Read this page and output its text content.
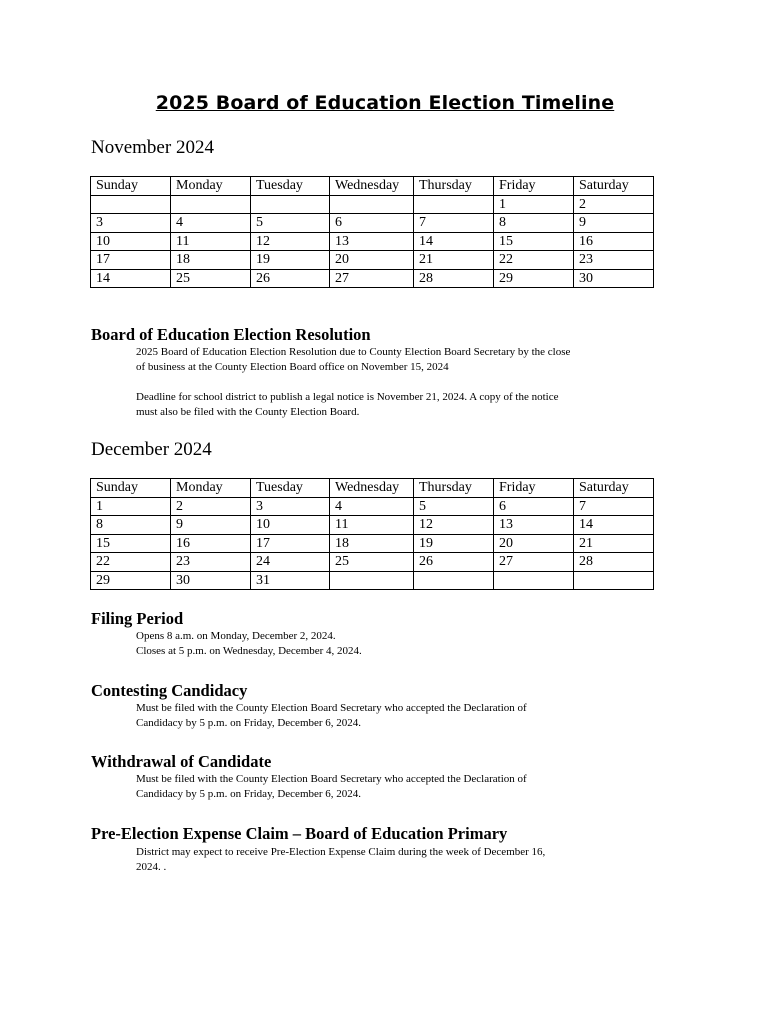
2025 Board of Education Election Timeline
November 2024
Sunday	Monday	Tuesday	Wednesday	Thursday	Friday	Saturday
					1	2
3	4	5	6	7	8	9
10	11	12	13	14	15	16
17	18	19	20	21	22	23
14	25	26	27	28	29	30
Board of Education Election Resolution

2025 Board of Education Election Resolution due to County Election Board Secretary by the close

of business at the County Election Board office on November 15, 2024

Deadline for school district to publish a legal notice is November 21, 2024. A copy of the notice

must also be filed with the County Election Board.

December 2024
Sunday	Monday	Tuesday	Wednesday	Thursday	Friday	Saturday
1	2	3	4	5	6	7
8	9	10	11	12	13	14
15	16	17	18	19	20	21
22	23	24	25	26	27	28
29	30	31				
Filing Period

Opens 8 a.m. on Monday, December 2, 2024.

Closes at 5 p.m. on Wednesday, December 4, 2024.

Contesting Candidacy

Must be filed with the County Election Board Secretary who accepted the Declaration of

Candidacy by 5 p.m. on Friday, December 6, 2024.

Withdrawal of Candidate

Must be filed with the County Election Board Secretary who accepted the Declaration of

Candidacy by 5 p.m. on Friday, December 6, 2024.

Pre-Election Expense Claim – Board of Education Primary

District may expect to receive Pre-Election Expense Claim during the week of December 16,

2024. .
